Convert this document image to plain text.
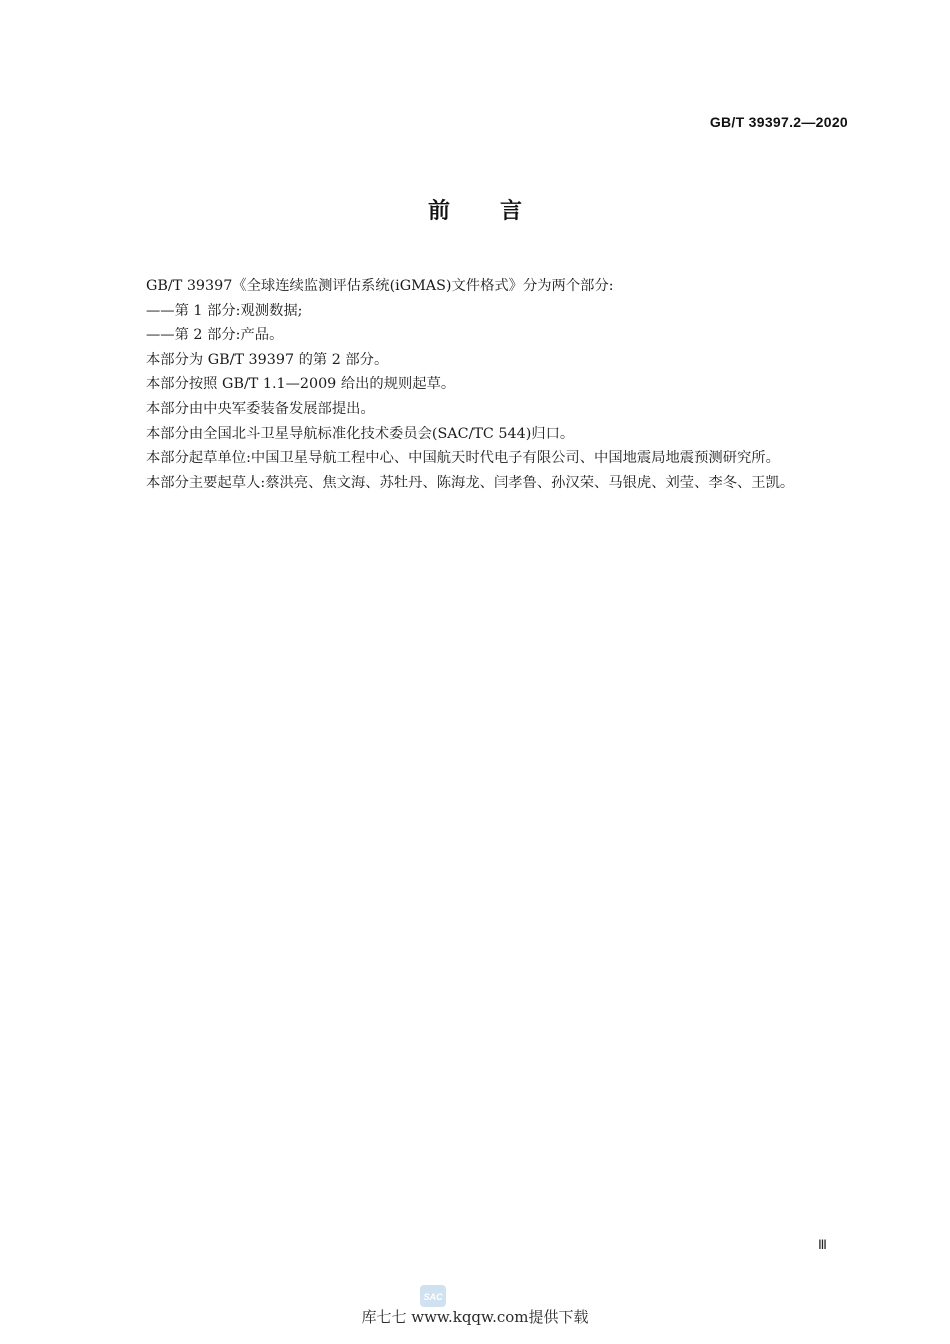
GB/T 39397.2—2020
前言

GB/T 39397《全球连续监测评估系统(iGMAS)文件格式》分为两个部分:

——第 1 部分:观测数据;

——第 2 部分:产品。

本部分为 GB/T 39397 的第 2 部分。

本部分按照 GB/T 1.1—2009 给出的规则起草。

本部分由中央军委装备发展部提出。

本部分由全国北斗卫星导航标准化技术委员会(SAC/TC 544)归口。

本部分起草单位:中国卫星导航工程中心、中国航天时代电子有限公司、中国地震局地震预测研究所。

本部分主要起草人:蔡洪亮、焦文海、苏牡丹、陈海龙、闫孝鲁、孙汉荣、马银虎、刘莹、李冬、王凯。

Ⅲ
SAC
库七七 www.kqqw.com提供下载
